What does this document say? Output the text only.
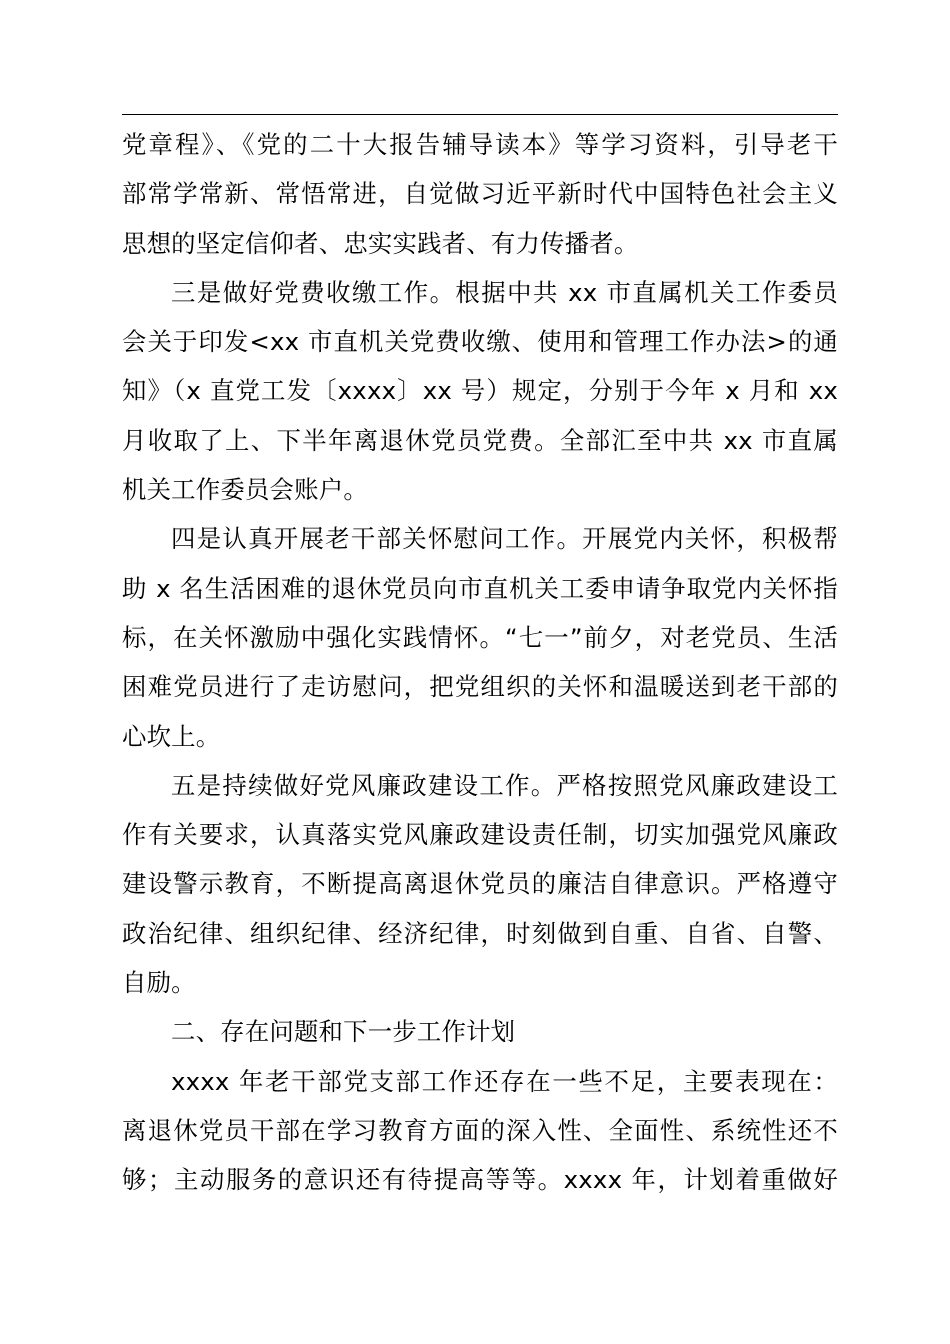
党章程》、《党的二十大报告辅导读本》等学习资料，引导老干
部常学常新、常悟常进，自觉做习近平新时代中国特色社会主义
思想的坚定信仰者、忠实实践者、有力传播者。
三是做好党费收缴工作。根据中共 xx 市直属机关工作委员
会关于印发<xx 市直机关党费收缴、使用和管理工作办法>的通
知》（x 直党工发〔xxxx〕xx 号）规定，分别于今年 x 月和 xx
月收取了上、下半年离退休党员党费。全部汇至中共 xx 市直属
机关工作委员会账户。
四是认真开展老干部关怀慰问工作。开展党内关怀，积极帮
助 x 名生活困难的退休党员向市直机关工委申请争取党内关怀指
标，在关怀激励中强化实践情怀。“七一”前夕，对老党员、生活
困难党员进行了走访慰问，把党组织的关怀和温暖送到老干部的
心坎上。
五是持续做好党风廉政建设工作。严格按照党风廉政建设工
作有关要求，认真落实党风廉政建设责任制，切实加强党风廉政
建设警示教育，不断提高离退休党员的廉洁自律意识。严格遵守
政治纪律、组织纪律、经济纪律，时刻做到自重、自省、自警、
自励。
二、存在问题和下一步工作计划
xxxx 年老干部党支部工作还存在一些不足，主要表现在：
离退休党员干部在学习教育方面的深入性、全面性、系统性还不
够；主动服务的意识还有待提高等等。xxxx 年，计划着重做好
